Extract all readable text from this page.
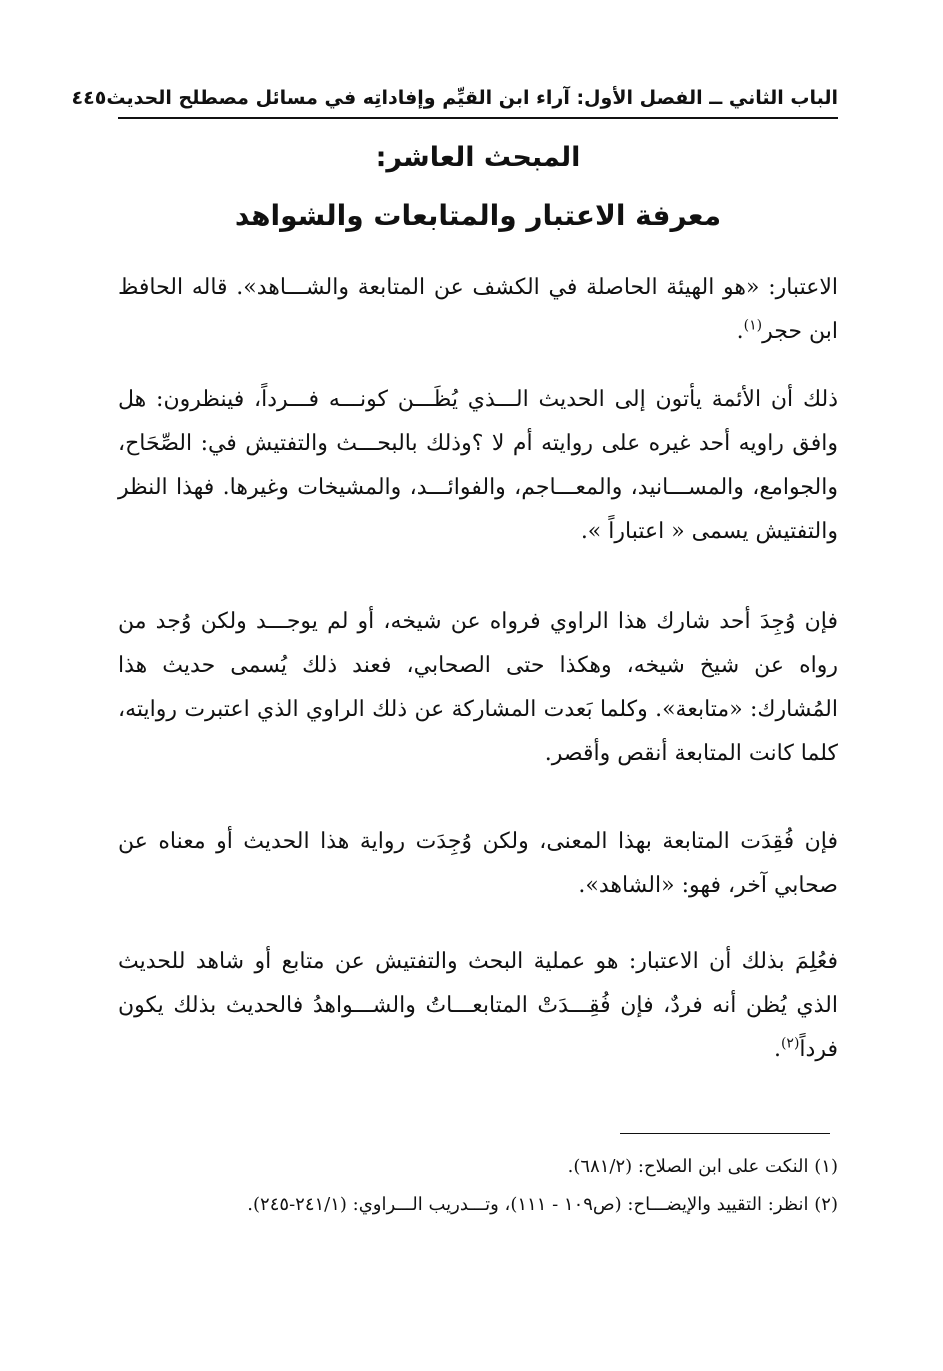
الباب الثاني ــ الفصل الأول: آراء ابن القيِّم وإفاداتِه في مسائل مصطلح الحديث
٤٤٥
المبحث العاشر:
معرفة الاعتبار والمتابعات والشواهد

الاعتبار: «هو الهيئة الحاصلة في الكشف عن المتابعة والشـــاهد». قاله الحافظ ابن حجر$^{(١)}$.

ذلك أن الأئمة يأتون إلى الحديث الـــذي يُظَـــن كونـــه فـــرداً، فينظرون: هل وافق راويه أحد غيره على روايته أم لا ؟وذلك بالبحـــث والتفتيش في: الصِّحَاح، والجوامع، والمســـانيد، والمعـــاجم، والفوائـــد، والمشيخات وغيرها. فهذا النظر والتفتيش يسمى « اعتباراً ».

فإن وُجِدَ أحد شارك هذا الراوي فرواه عن شيخه، أو لم يوجـــد ولكن وُجد من رواه عن شيخ شيخه، وهكذا حتى الصحابي، فعند ذلك يُسمى حديث هذا المُشارك: «متابعة». وكلما بَعدت المشاركة عن ذلك الراوي الذي اعتبرت روايته، كلما كانت المتابعة أنقص وأقصر.

فإن فُقِدَت المتابعة بهذا المعنى، ولكن وُجِدَت رواية هذا الحديث أو معناه عن صحابي آخر، فهو: «الشاهد».

فعُلِمَ بذلك أن الاعتبار: هو عملية البحث والتفتيش عن متابع أو شاهد للحديث الذي يُظن أنه فردٌ، فإن فُقِـــدَتْ المتابعـــاتُ والشـــواهدُ فالحديث بذلك يكون فرداً$^{(٢)}$.

(١) النكت على ابن الصلاح: (٦٨١/٢).

(٢) انظر: التقييد والإيضـــاح: (ص١٠٩ - ١١١)، وتـــدريب الـــراوي: (٢٤١/١-٢٤٥).
